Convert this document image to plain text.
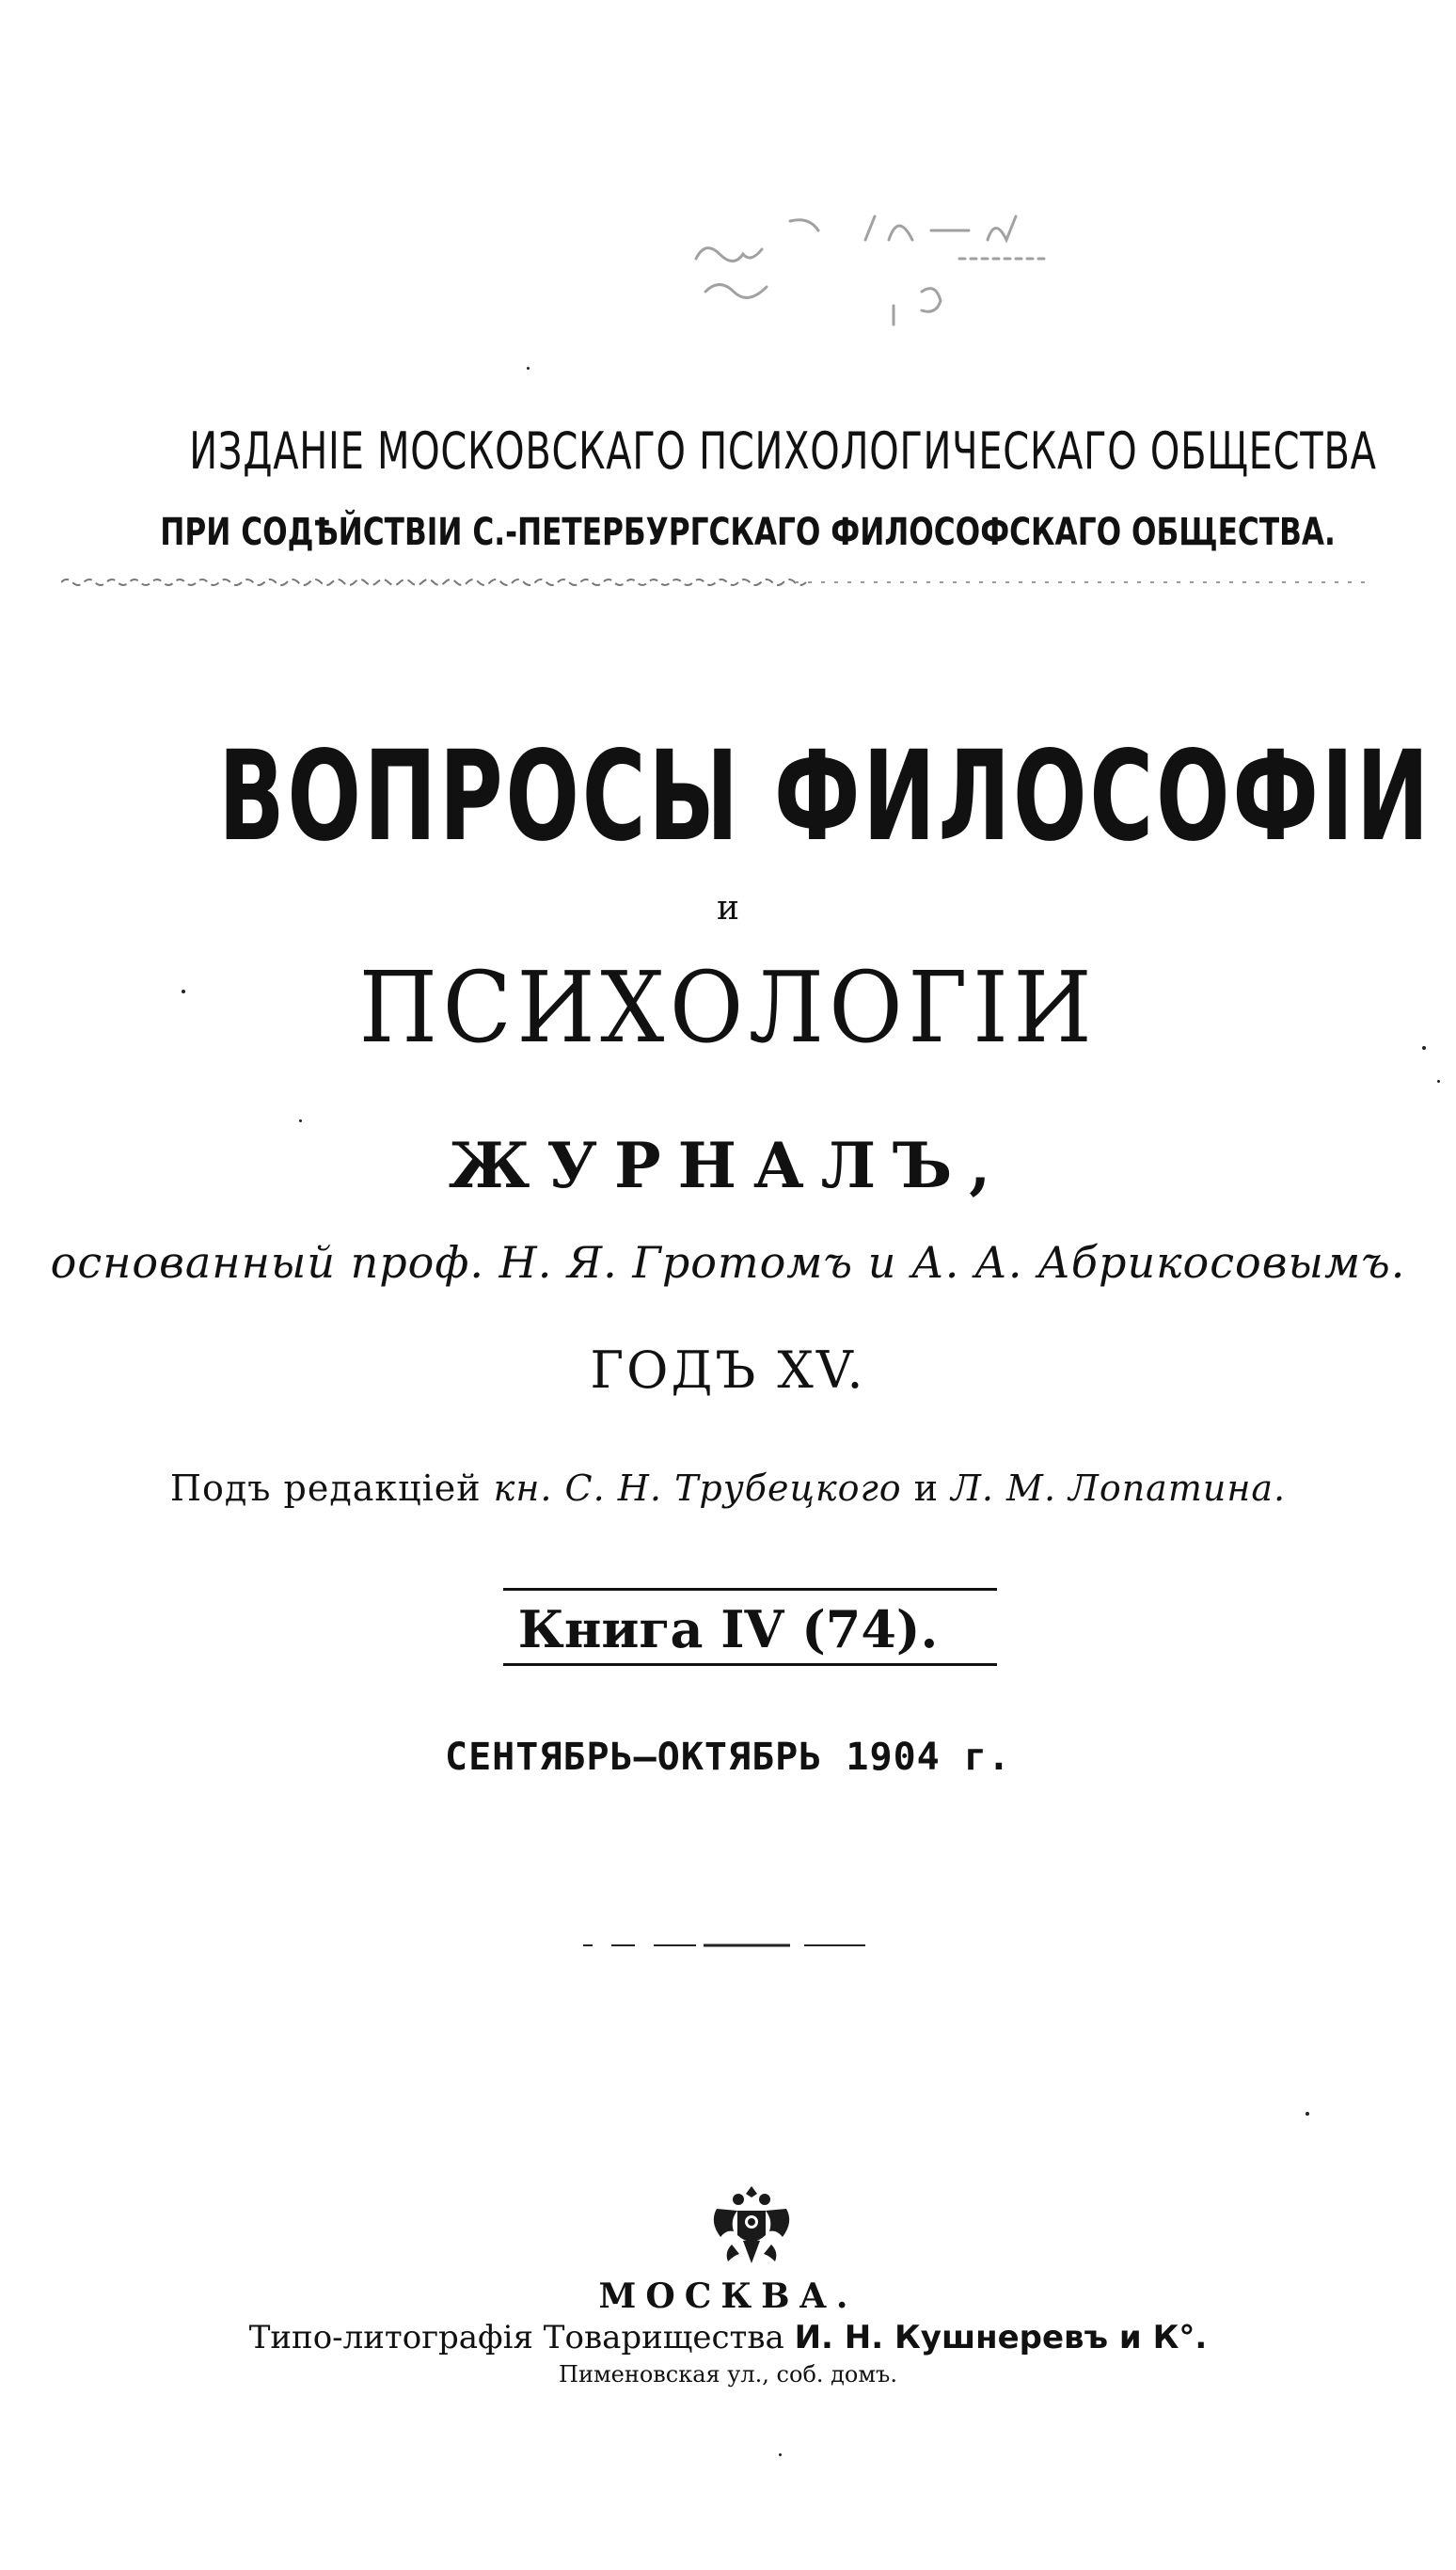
ИЗДАНІЕ МОСКОВСКАГО ПСИХОЛОГИЧЕСКАГО ОБЩЕСТВА
ПРИ СОДѢЙСТВІИ С.-ПЕТЕРБУРГСКАГО ФИЛОСОФСКАГО ОБЩЕСТВА.
ВОПРОСЫ ФИЛОСОФІИ
и
ПСИХОЛОГІИ
ЖУРНАЛЪ,
основанный проф. Н. Я. Гротомъ и А. А. Абрикосовымъ.
ГОДЪ XV.
Подъ редакціей кн. С. Н. Трубецкого и Л. М. Лопатина.
Книга IV (74).
СЕНТЯБРЬ—ОКТЯБРЬ 1904 г.
МОСКВА.
Типо-литографія Товарищества И. Н. Кушнеревъ и К°.
Пименовская ул., соб. домъ.
